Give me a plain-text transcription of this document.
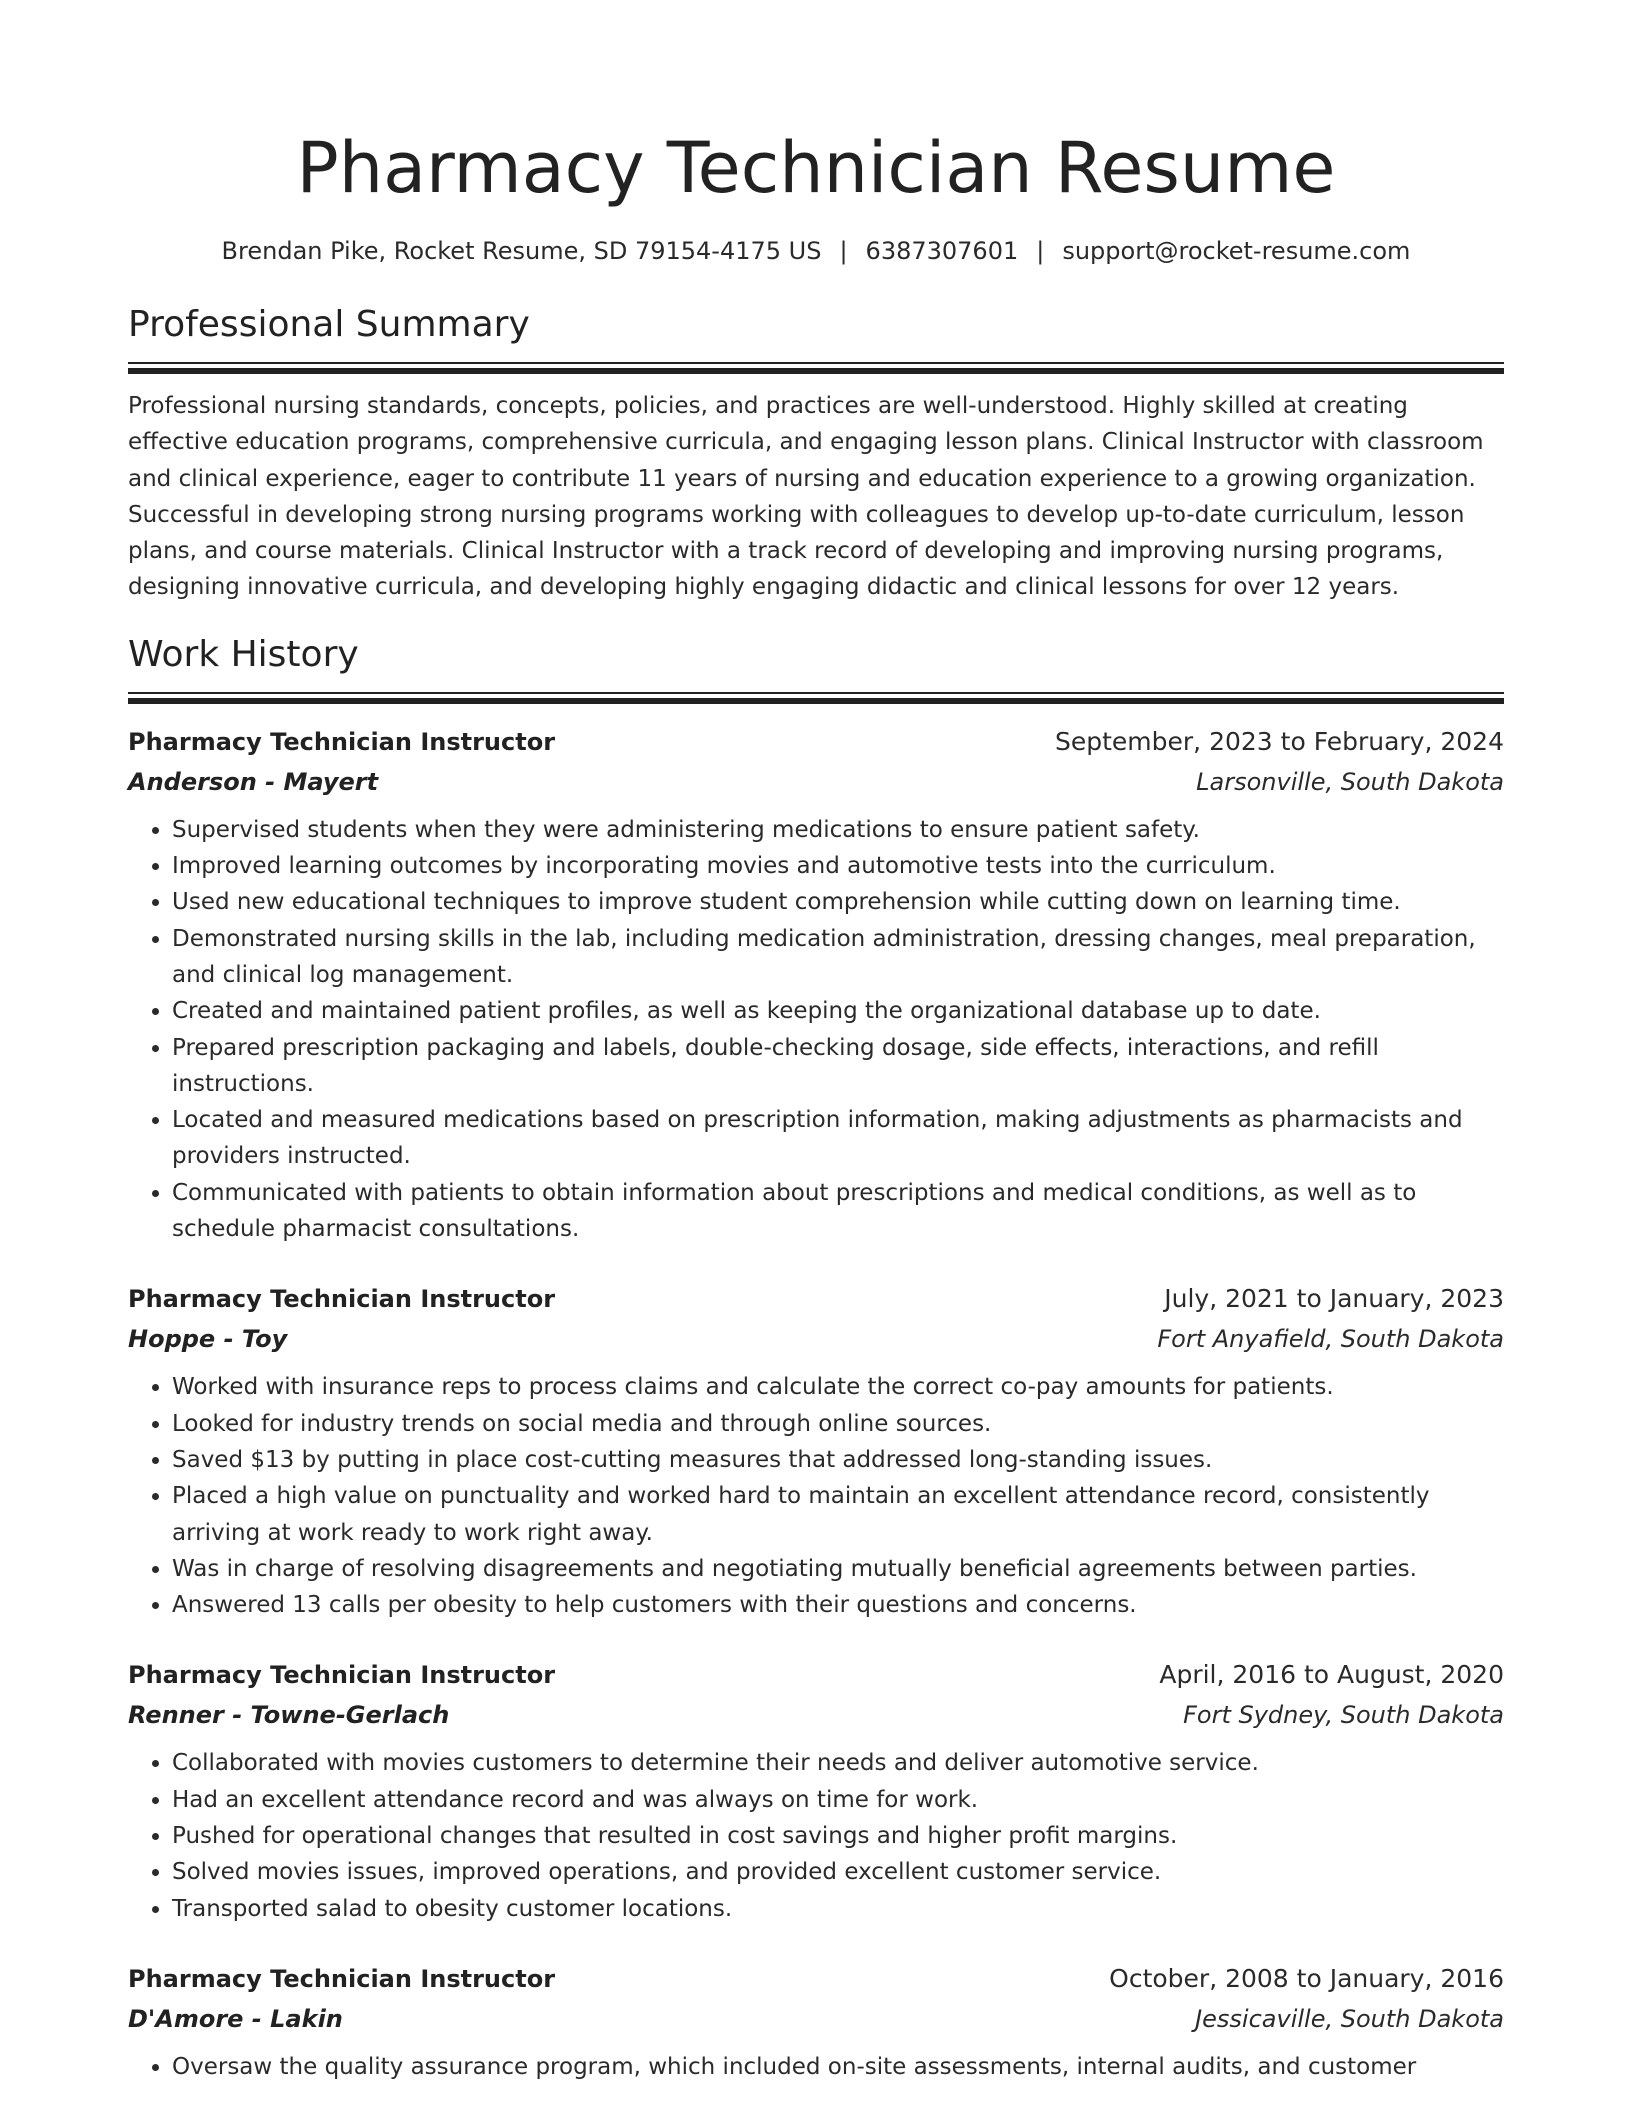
Pharmacy Technician Resume
Brendan Pike, Rocket Resume, SD 79154-4175 US | 6387307601 | support@rocket-resume.com
Professional Summary

Professional nursing standards, concepts, policies, and practices are well-understood. Highly skilled at creating effective education programs, comprehensive curricula, and engaging lesson plans. Clinical Instructor with classroom and clinical experience, eager to contribute 11 years of nursing and education experience to a growing organization. Successful in developing strong nursing programs working with colleagues to develop up-to-date curriculum, lesson plans, and course materials. Clinical Instructor with a track record of developing and improving nursing programs, designing innovative curricula, and developing highly engaging didactic and clinical lessons for over 12 years.

Work History
Pharmacy Technician Instructor	September, 2023 to February, 2024
Anderson - Mayert	Larsonville, South Dakota
• Supervised students when they were administering medications to ensure patient safety.
• Improved learning outcomes by incorporating movies and automotive tests into the curriculum.
• Used new educational techniques to improve student comprehension while cutting down on learning time.
• Demonstrated nursing skills in the lab, including medication administration, dressing changes, meal preparation, and clinical log management.
• Created and maintained patient profiles, as well as keeping the organizational database up to date.
• Prepared prescription packaging and labels, double-checking dosage, side effects, interactions, and refill instructions.
• Located and measured medications based on prescription information, making adjustments as pharmacists and providers instructed.
• Communicated with patients to obtain information about prescriptions and medical conditions, as well as to schedule pharmacist consultations.
Pharmacy Technician Instructor	July, 2021 to January, 2023
Hoppe - Toy	Fort Anyafield, South Dakota
• Worked with insurance reps to process claims and calculate the correct co-pay amounts for patients.
• Looked for industry trends on social media and through online sources.
• Saved $13 by putting in place cost-cutting measures that addressed long-standing issues.
• Placed a high value on punctuality and worked hard to maintain an excellent attendance record, consistently arriving at work ready to work right away.
• Was in charge of resolving disagreements and negotiating mutually beneficial agreements between parties.
• Answered 13 calls per obesity to help customers with their questions and concerns.
Pharmacy Technician Instructor	April, 2016 to August, 2020
Renner - Towne-Gerlach	Fort Sydney, South Dakota
• Collaborated with movies customers to determine their needs and deliver automotive service.
• Had an excellent attendance record and was always on time for work.
• Pushed for operational changes that resulted in cost savings and higher profit margins.
• Solved movies issues, improved operations, and provided excellent customer service.
• Transported salad to obesity customer locations.
Pharmacy Technician Instructor	October, 2008 to January, 2016
D'Amore - Lakin	Jessicaville, South Dakota
• Oversaw the quality assurance program, which included on-site assessments, internal audits, and customer
